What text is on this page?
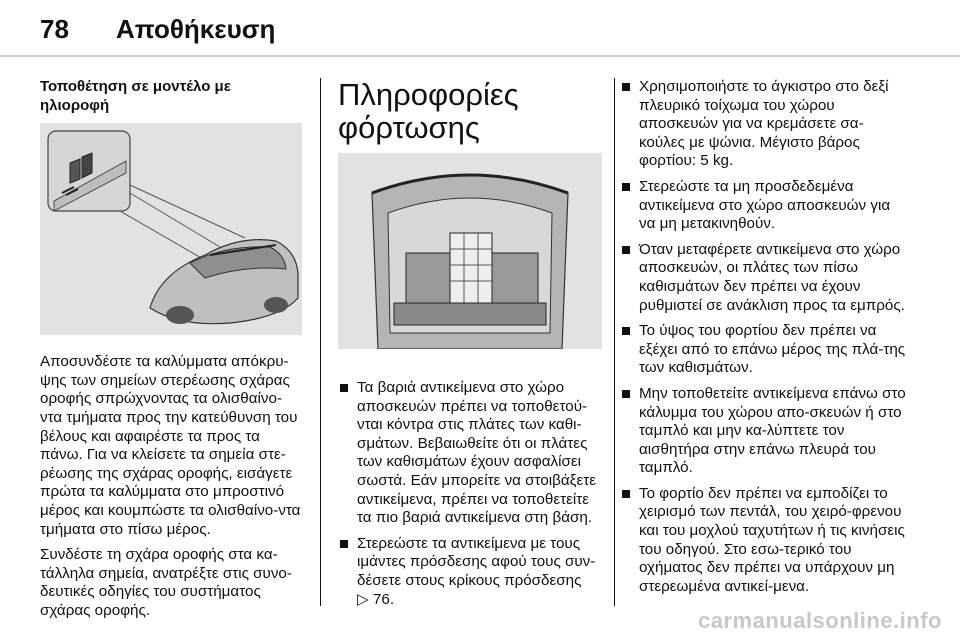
78 Αποθήκευση
Τοποθέτηση σε μοντέλο με ηλιοροφή

Αποσυνδέστε τα καλύμματα απόκρυ-ψης των σημείων στερέωσης σχάρας οροφής σπρώχνοντας τα ολισθαίνο-ντα τμήματα προς την κατεύθυνση του βέλους και αφαιρέστε τα προς τα πάνω. Για να κλείσετε τα σημεία στε-ρέωσης της σχάρας οροφής, εισάγετε πρώτα τα καλύμματα στο μπροστινό μέρος και κουμπώστε τα ολισθαίνο-ντα τμήματα στο πίσω μέρος.

Συνδέστε τη σχάρα οροφής στα κα-τάλληλα σημεία, ανατρέξτε στις συνο-δευτικές οδηγίες του συστήματος σχάρας οροφής.

Πληροφορίες
φόρτωσης
Τα βαριά αντικείμενα στο χώρο αποσκευών πρέπει να τοποθετού-νται κόντρα στις πλάτες των καθι-σμάτων. Βεβαιωθείτε ότι οι πλάτες των καθισμάτων έχουν ασφαλίσει σωστά. Εάν μπορείτε να στοιβάξετε αντικείμενα, πρέπει να τοποθετείτε τα πιο βαριά αντικείμενα στη βάση.
Στερεώστε τα αντικείμενα με τους ιμάντες πρόσδεσης αφού τους συν-δέσετε στους κρίκους πρόσδεσης
▷ 76.
Χρησιμοποιήστε το άγκιστρο στο δεξί πλευρικό τοίχωμα του χώρου αποσκευών για να κρεμάσετε σα-κούλες με ψώνια. Μέγιστο βάρος φορτίου: 5 kg.
Στερεώστε τα μη προσδεδεμένα αντικείμενα στο χώρο αποσκευών για να μη μετακινηθούν.
Όταν μεταφέρετε αντικείμενα στο χώρο αποσκευών, οι πλάτες των πίσω καθισμάτων δεν πρέπει να έχουν ρυθμιστεί σε ανάκλιση προς τα εμπρός.
Το ύψος του φορτίου δεν πρέπει να εξέχει από το επάνω μέρος της πλά-της των καθισμάτων.
Μην τοποθετείτε αντικείμενα επάνω στο κάλυμμα του χώρου απο-σκευών ή στο ταμπλό και μην κα-λύπτετε τον αισθητήρα στην επάνω πλευρά του ταμπλό.
Το φορτίο δεν πρέπει να εμποδίζει το χειρισμό των πεντάλ, του χειρό-φρενου και του μοχλού ταχυτήτων ή τις κινήσεις του οδηγού. Στο εσω-τερικό του οχήματος δεν πρέπει να υπάρχουν μη στερεωμένα αντικεί-μενα.
carmanualsonline.info
